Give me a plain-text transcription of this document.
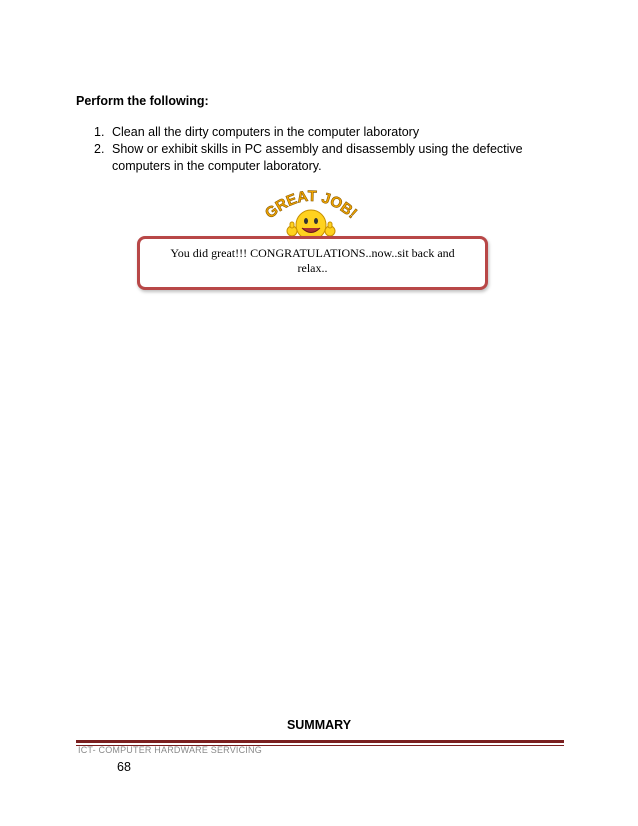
Perform the following:

1. Clean all the dirty computers in the computer laboratory
2. Show or exhibit skills in PC assembly and disassembly using the defective computers in the computer laboratory.
GREAT JOB!

You did great!!! CONGRATULATIONS..now..sit back and relax..

SUMMARY

ICT- COMPUTER HARDWARE SERVICING
68
